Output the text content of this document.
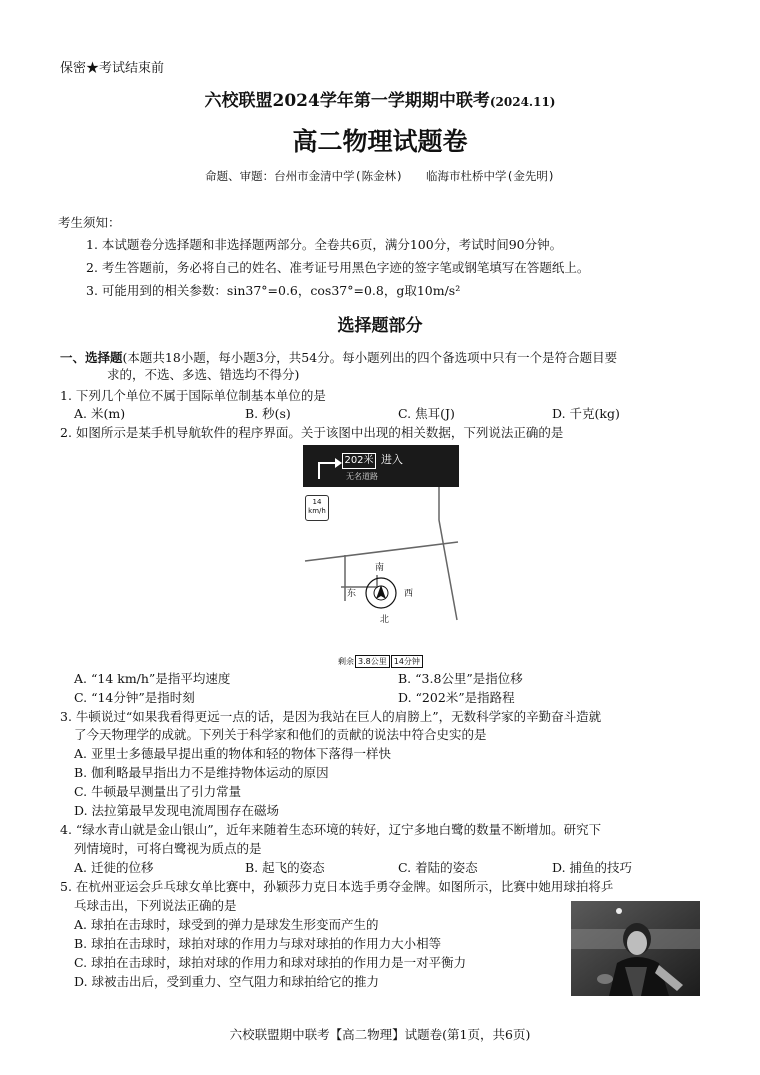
保密★考试结束前
六校联盟2024学年第一学期期中联考(2024.11)
高二物理试题卷
命题、审题：台州市金清中学(陈金林)　　临海市杜桥中学(金先明)
考生须知：
1. 本试题卷分选择题和非选择题两部分。全卷共6页，满分100分，考试时间90分钟。
2. 考生答题前，务必将自己的姓名、准考证号用黑色字迹的签字笔或钢笔填写在答题纸上。
3. 可能用到的相关参数：sin37°=0.6，cos37°=0.8，g取10m/s²
选择题部分
一、选择题(本题共18小题，每小题3分，共54分。每小题列出的四个备选项中只有一个是符合题目要
求的，不选、多选、错选均不得分)
1. 下列几个单位不属于国际单位制基本单位的是
A. 米(m)	B. 秒(s)	C. 焦耳(J)	D. 千克(kg)
2. 如图所示是某手机导航软件的程序界面。关于该图中出现的相关数据，下列说法正确的是
202米 进入
无名道路
14
km/h
南
东	西
北
剩余 3.8公里 14分钟
A. “14 km/h”是指平均速度	B. “3.8公里”是指位移
C. “14分钟”是指时刻	D. “202米”是指路程
3. 牛顿说过“如果我看得更远一点的话，是因为我站在巨人的肩膀上”，无数科学家的辛勤奋斗造就
了今天物理学的成就。下列关于科学家和他们的贡献的说法中符合史实的是
A. 亚里士多德最早提出重的物体和轻的物体下落得一样快
B. 伽利略最早指出力不是维持物体运动的原因
C. 牛顿最早测量出了引力常量
D. 法拉第最早发现电流周围存在磁场
4. “绿水青山就是金山银山”，近年来随着生态环境的转好，辽宁多地白鹭的数量不断增加。研究下
列情境时，可将白鹭视为质点的是
A. 迁徙的位移	B. 起飞的姿态	C. 着陆的姿态	D. 捕鱼的技巧
5. 在杭州亚运会乒乓球女单比赛中，孙颖莎力克日本选手勇夺金牌。如图所示，比赛中她用球拍将乒
乓球击出，下列说法正确的是
A. 球拍在击球时，球受到的弹力是球发生形变而产生的
B. 球拍在击球时，球拍对球的作用力与球对球拍的作用力大小相等
C. 球拍在击球时，球拍对球的作用力和球对球拍的作用力是一对平衡力
D. 球被击出后，受到重力、空气阻力和球拍给它的推力
六校联盟期中联考【高二物理】试题卷(第1页，共6页)
